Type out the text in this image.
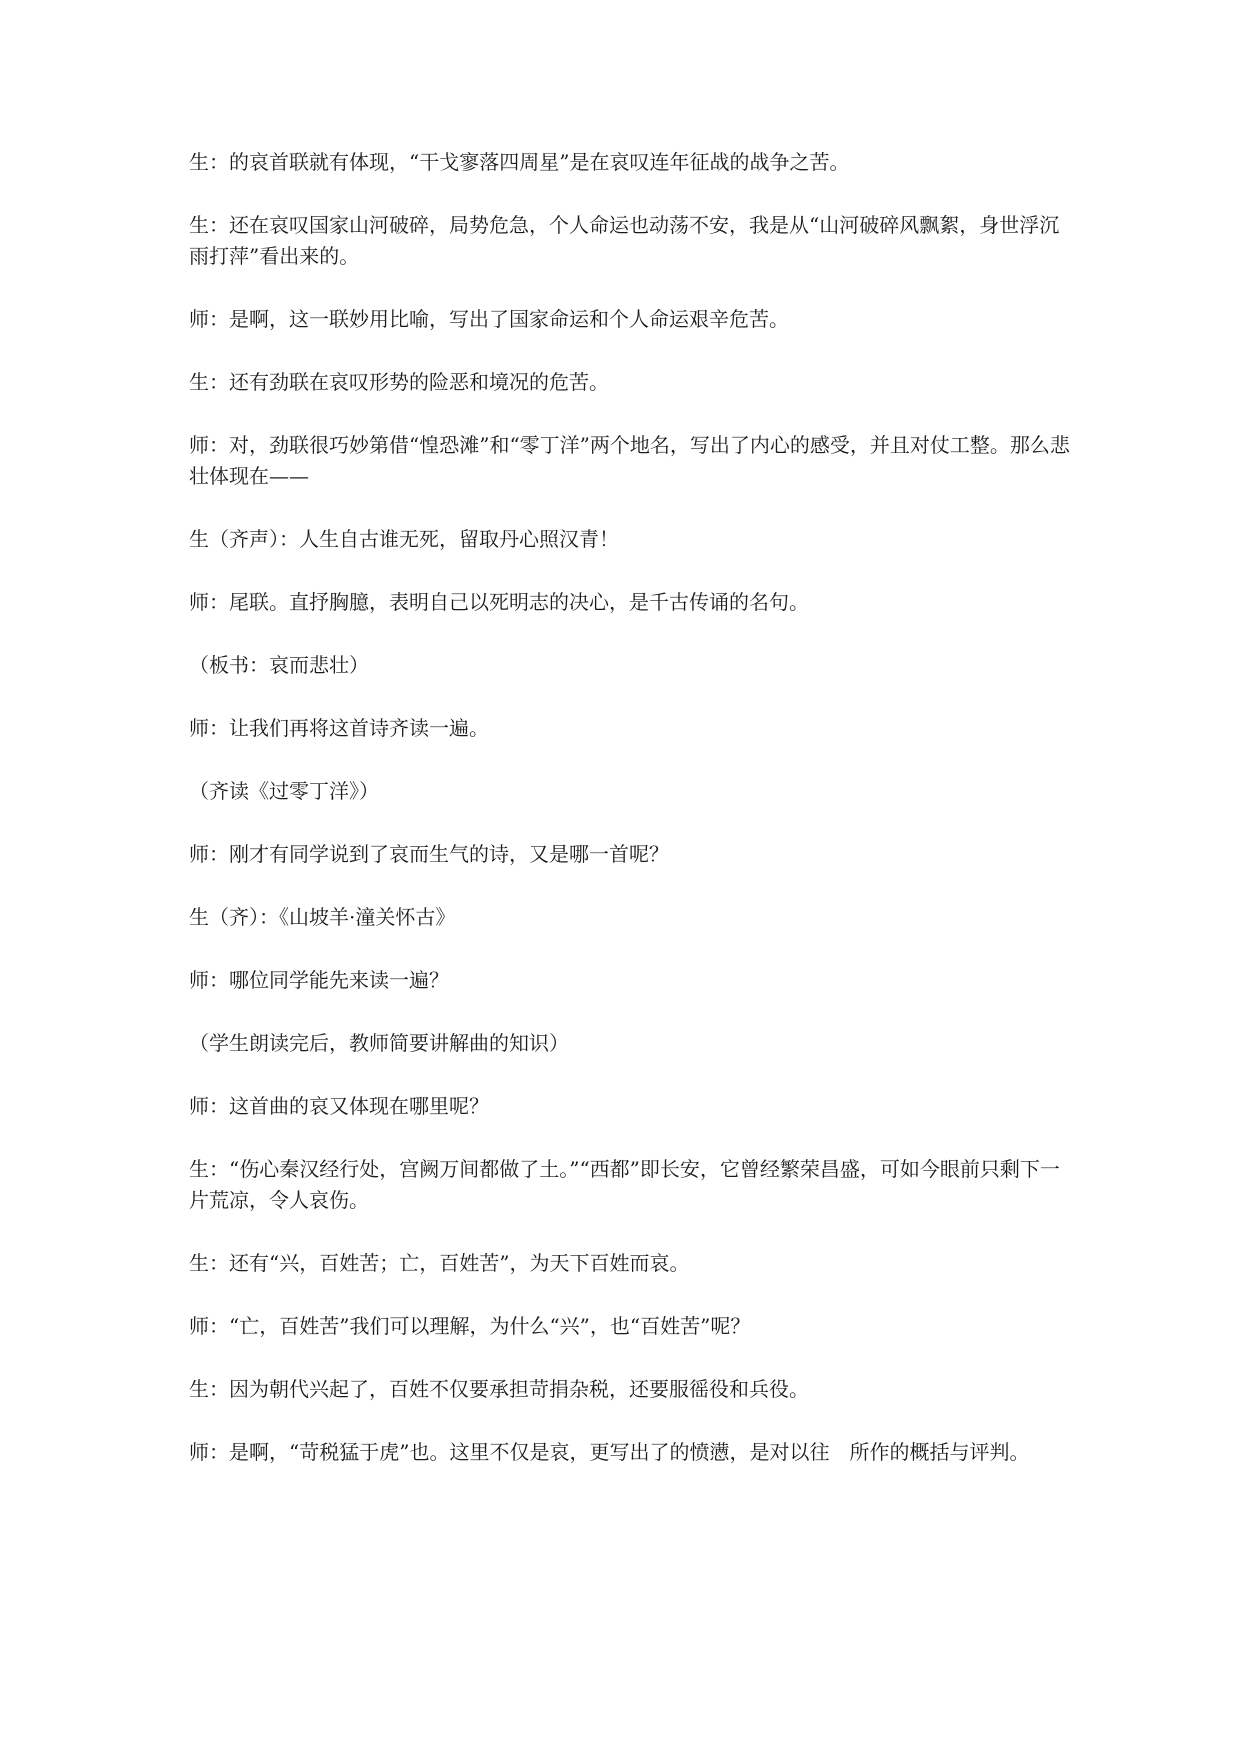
生：的哀首联就有体现，“干戈寥落四周星”是在哀叹连年征战的战争之苦。

生：还在哀叹国家山河破碎，局势危急，个人命运也动荡不安，我是从“山河破碎风飘絮，身世浮沉雨打萍”看出来的。

师：是啊，这一联妙用比喻，写出了国家命运和个人命运艰辛危苦。

生：还有劲联在哀叹形势的险恶和境况的危苦。

师：对，劲联很巧妙第借“惶恐滩”和“零丁洋”两个地名，写出了内心的感受，并且对仗工整。那么悲壮体现在——

生（齐声）：人生自古谁无死，留取丹心照汉青！

师：尾联。直抒胸臆，表明自己以死明志的决心，是千古传诵的名句。

（板书：哀而悲壮）

师：让我们再将这首诗齐读一遍。

（齐读《过零丁洋》）

师：刚才有同学说到了哀而生气的诗，又是哪一首呢？

生（齐）：《山坡羊·潼关怀古》

师：哪位同学能先来读一遍？

（学生朗读完后，教师简要讲解曲的知识）

师：这首曲的哀又体现在哪里呢？

生：“伤心秦汉经行处，宫阙万间都做了土。”“西都”即长安，它曾经繁荣昌盛，可如今眼前只剩下一片荒凉，令人哀伤。

生：还有“兴，百姓苦；亡，百姓苦”，为天下百姓而哀。

师：“亡，百姓苦”我们可以理解，为什么“兴”，也“百姓苦”呢？

生：因为朝代兴起了，百姓不仅要承担苛捐杂税，还要服徭役和兵役。

师：是啊，“苛税猛于虎”也。这里不仅是哀，更写出了的愤懑，是对以往　所作的概括与评判。
